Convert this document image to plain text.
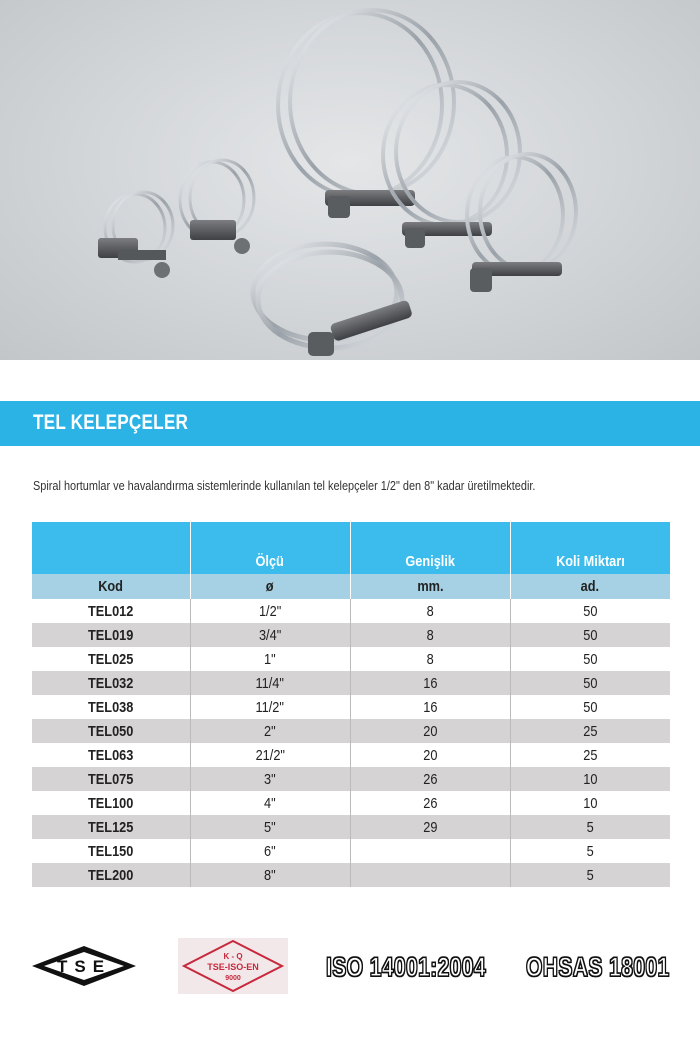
TEL KELEPÇELER
Spiral hortumlar ve havalandırma sistemlerinde kullanılan tel kelepçeler 1/2" den 8" kadar üretilmektedir.
	Ölçü	Genişlik	Koli Miktarı
Kod	ø	mm.	ad.
TEL012	1/2"	8	50
TEL019	3/4"	8	50
TEL025	1"	8	50
TEL032	11/4"	16	50
TEL038	11/2"	16	50
TEL050	2"	20	25
TEL063	21/2"	20	25
TEL075	3"	26	10
TEL100	4"	26	10
TEL125	5"	29	5
TEL150	6"		5
TEL200	8"		5
TSE
K - Q
TSE-ISO-EN
9000	ISO 14001:2004 OHSAS 18001
